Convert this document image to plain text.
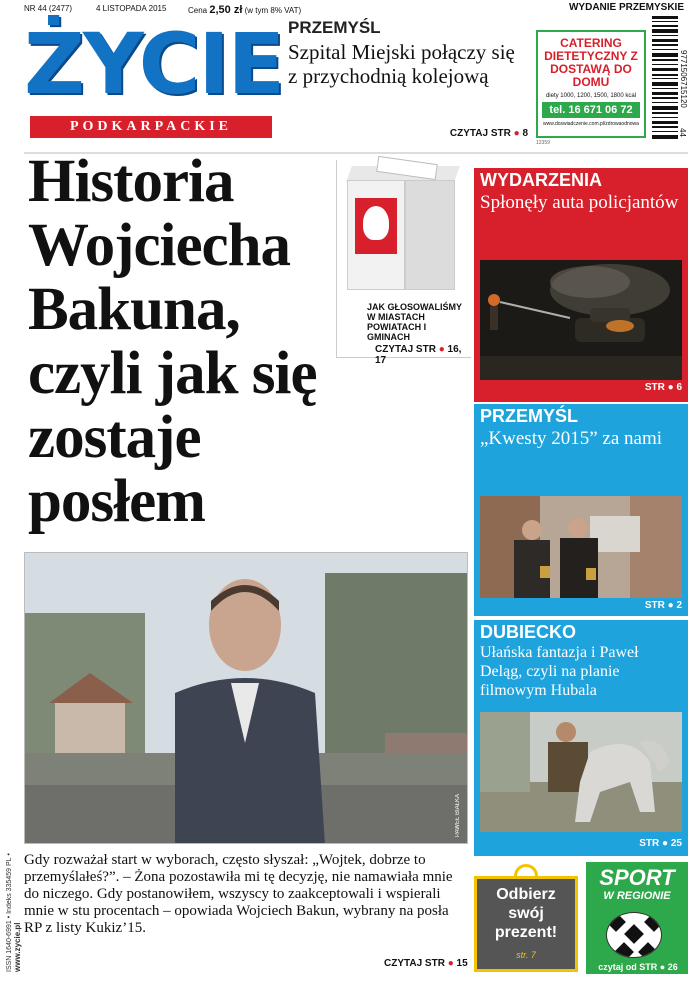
NR 44 (2477)	4 LISTOPADA 2015	Cena 2,50 zł (w tym 8% VAT)	WYDANIE PRZEMYSKIE
ŻYCIE
PODKARPACKIE
PRZEMYŚL
Szpital Miejski połączy się z przychodnią kolejową
CZYTAJ STR ● 8
CATERING DIETETYCZNY Z DOSTAWĄ DO DOMU
diety 1000, 1200, 1500, 1800 kcal
tel. 16 671 06 72
www.doswiadczenie.com.pl/zdrowaodnowa
12359
9771506715120
44
Historia Wojciecha Bakuna, czyli jak się zostaje posłem
JAK GŁOSOWALIŚMY W MIASTACH POWIATACH I GMINACH
CZYTAJ STR ● 16, 17
WYDARZENIA
Spłonęły auta policjantów
STR ● 6
PRZEMYŚL
„Kwesty 2015” za nami
STR ● 2
DUBIECKO
Ułańska fantazja i Paweł Deląg, czyli na planie filmowym Hubala
STR ● 25
PAWEŁ BIAŁKA

Gdy rozważał start w wyborach, często słyszał: „Wojtek, dobrze to przemyślałeś?”. – Żona pozostawiła mi tę decyzję, nie namawiała mnie do niczego. Gdy postanowiłem, wszyscy to zaakceptowali i wspierali mnie w stu procentach – opowiada Wojciech Bakun, wybrany na posła RP z listy Kukiz’15.

CZYTAJ STR ● 15
ISSN 1640-6991 • Indeks 335459 PL • www.zycie.pl
Odbierz swój prezent!
str. 7
SPORT
W REGIONIE
czytaj od STR ● 26
